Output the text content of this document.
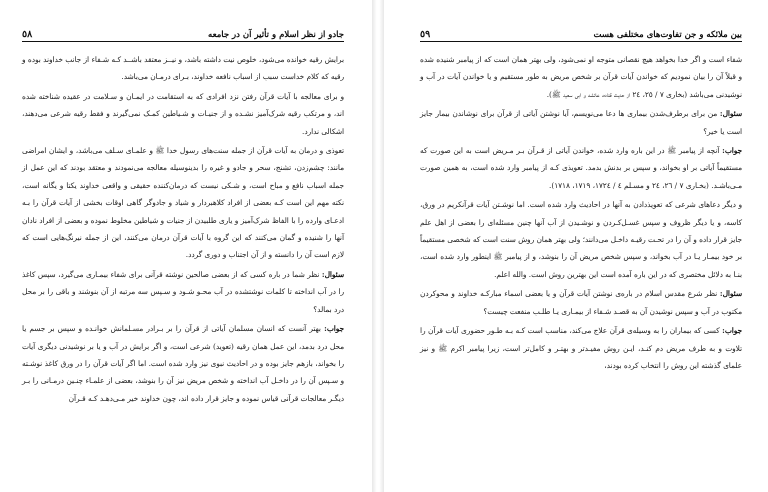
جادو از نظر اسلام و تأثیر آن در جامعه
٥٨

برایش رقیه خوانده می‌شود، خلوص نیت داشته باشد، و نیــز معتقد باشــد کـه شـفاء از جانب خداوند بوده و رقیه که کلام خداست سبب از اسباب نافعه خداوند، بـرای درمـان می‌باشد.

و برای معالجه با آیات قرآن رفتن نزد افرادی که به استقامت در ایمـان و سـلامت در عقیده شناخته شده اند، و مرتکب رقیه شرک‌آمیز نشـده و از جنیـات و شـیاطین کمـک نمی‌گیرند و فقط رقیه شرعی می‌دهند، اشکالی ندارد.

تعوذی و درمان به آیات قرآن از جمله سنت‌های رسول خدا ﷺ و علمـای سـلف می‌باشد، و ایشان امراضی مانند: چشم‌زدن، تشنج، سحر و جادو و غیره را بدینوسیله معالجه می‌نمودند و معتقد بودند که این عمل از جمله اسباب نافع و مباح است، و شـکی نیست که درمان‌کننده حقیقی و واقعی خداوند یکتا و یگانه است، نکته مهم این است کـه بعضی از افراد کلاهبردار و شیاد و جادوگر گاهی اوقات بخشی از آیات قرآن را بـه ادعـای وارده را با الفاظ شرک‌آمیز و یاری طلبیدن از جنیات و شیاطین مخلوط نموده و بعضی از افراد نادان آنها را شنیده و گمان می‌کنند که این گروه با آیات قرآن درمان می‌کنند، این از جمله نیرنگ‌هایی است که لازم است آن را دانسته و از آن اجتناب و دوری گردد.

سئوال: نظر شما در باره کسی که از بعضی صالحین نوشته قرآنی برای شفاء بیمـاری می‌گیرد، سپس کاغذ را در آب انداخته تا کلمات نوشتشده در آب محـو شـود و سـپس سه مرتبه از آن بنوشند و باقی را بر محل درد بمالد؟

جواب: بهتر آنست که انسان مسلمان آیاتی از قرآن را بر بـرادر مسـلمانش خوانـده و سپس بر جسم یا محل درد بدمد، این عمل همان رقیه (تعوید) شرعی است، و اگر برایش در آب و یا بر نوشیدنی دیگری آیات را بخواند، بازهم جایز بوده و در احادیث نبوی نیز وارد شده است. اما اگر آیات قرآن را در ورق کاغذ نوشـته و سـپس آن را در داخـل آب انداخته و شخص مریض نیز آن را بنوشد، بعضی از علمـاء چنـین درمـانی را بـر دیگـر معالجات قرآنی قیاس نموده و جایز قرار داده اند، چون خداوند خیر مـی‌دهـد کـه قـرآن

بین ملائکه و جن تفاوت‌های مختلفی هست
٥٩

شفاء است و اگر خدا بخواهد هیچ نقصانی متوجه او نمی‌شود، ولی بهتر همان است که از پیامبر شنیده شده و قبلاً آن را بیان نمودیم که خواندن آیات قرآن بر شخص مریض به طور مستقیم و یا خواندن آیات در آب و نوشیدنی می‌باشد (بخاری ٧ / ٢٥، ٢٤ از حدیث قتاده، عائشه و ابی سعید ﷺ).

سئوال: من برای برطرف‌شدن بیماری ها دعا می‌نویسم، آیا نوشتن آیاتی از قرآن برای نوشاندن بیمار جایز است یا خیر؟

جواب: آنچه از پیامبر ﷺ در این باره وارد شده، خواندن آیاتی از قـرآن بـر مـریض است به این صورت که مستقیماً آیاتی بر او بخواند، و سپس بر بدنش بدمد. تعویذی کـه از پیامبر وارد شده است، به همین صورت مـی‌باشـد. (بخـاری ٧ / ٢٦، ٢٤ و مسـلم ٤ / ١٧٢٤، ١٧١٩، ١٧١٨).

و دیگر دعاهای شرعی که تعویذدادن به آنها در احادیث وارد شده است. اما نوشـتن آیات قرآنکریم در ورق، کاسه، و یا دیگر ظروف و سپس غسـل‌کـردن و نوشـیدن از آب آنها چنین مسئله‌ای را بعضی از اهل علم جایز قرار داده و آن را در تحـت رقیـه داخـل می‌دانند؛ ولی بهتر همان روش سنت است که شخصی مستقیماً بر خود بیمـار یـا در آب بخواند، و سپس شخص مریض آن را بنوشد، و از پیامبر ﷺ اینطور وارد شده است، بنـا به دلائل مختصری که در این باره آمده است این بهترین روش است. والله اعلم.

سئوال: نظر شرع مقدس اسلام در باره‌ی نوشتن آیات قرآن و یا بعضی اسماء مبارکـه خداوند و محوکردن مکتوب در آب و سپس نوشیدن آن به قصـد شـفاء از بیمـاری یـا طلـب منفعت چیست؟

جواب: کسی که بیماران را به وسیله‌ی قرآن علاج می‌کند، مناسب است کـه بـه طـور حضوری آیات قرآن را تلاوت و به طرف مریض دم کنـد، ایـن روش مفیـدتر و بهتـر و کامل‌تر است، زیرا پیامبر اکرم ﷺ و نیز علمای گذشته این روش را انتخاب کرده بودند،
